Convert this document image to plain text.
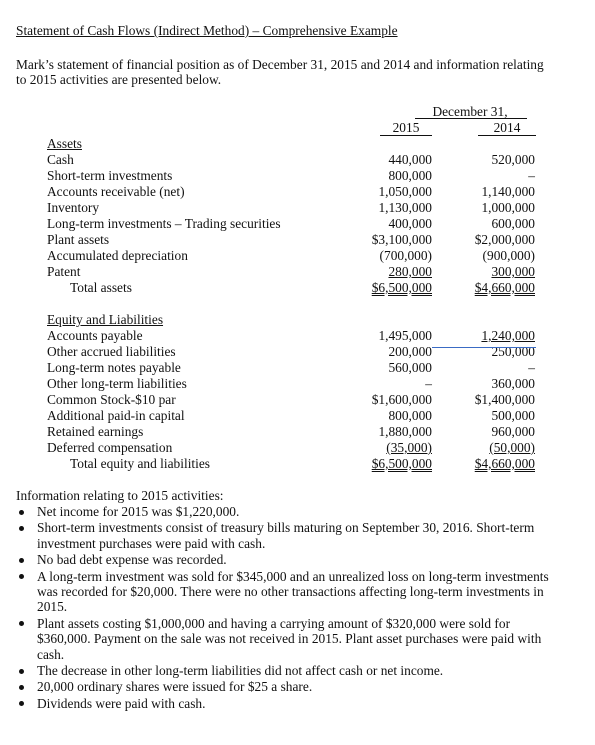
Statement of Cash Flows (Indirect Method) – Comprehensive Example
Mark’s statement of financial position as of December 31, 2015 and 2014 and information relating to 2015 activities are presented below.
December 31,
2015	2014
Assets
Cash	440,000	520,000
Short-term investments	800,000	–
Accounts receivable (net)	1,050,000	1,140,000
Inventory	1,130,000	1,000,000
Long-term investments – Trading securities	400,000	600,000
Plant assets	$3,100,000	$2,000,000
Accumulated depreciation	(700,000)	(900,000)
Patent	280,000	300,000
Total assets	$6,500,000	$4,660,000
Equity and Liabilities
Accounts payable	1,495,000	1,240,000
Other accrued liabilities	200,000	250,000
Long-term notes payable	560,000	–
Other long-term liabilities	–	360,000
Common Stock-$10 par	$1,600,000	$1,400,000
Additional paid-in capital	800,000	500,000
Retained earnings	1,880,000	960,000
Deferred compensation	(35,000)	(50,000)
Total equity and liabilities	$6,500,000	$4,660,000
Information relating to 2015 activities:
Net income for 2015 was $1,220,000.
Short-term investments consist of treasury bills maturing on September 30, 2016. Short-term investment purchases were paid with cash.
No bad debt expense was recorded.
A long-term investment was sold for $345,000 and an unrealized loss on long-term investments was recorded for $20,000. There were no other transactions affecting long-term investments in 2015.
Plant assets costing $1,000,000 and having a carrying amount of $320,000 were sold for $360,000. Payment on the sale was not received in 2015. Plant asset purchases were paid with cash.
The decrease in other long-term liabilities did not affect cash or net income.
20,000 ordinary shares were issued for $25 a share.
Dividends were paid with cash.
